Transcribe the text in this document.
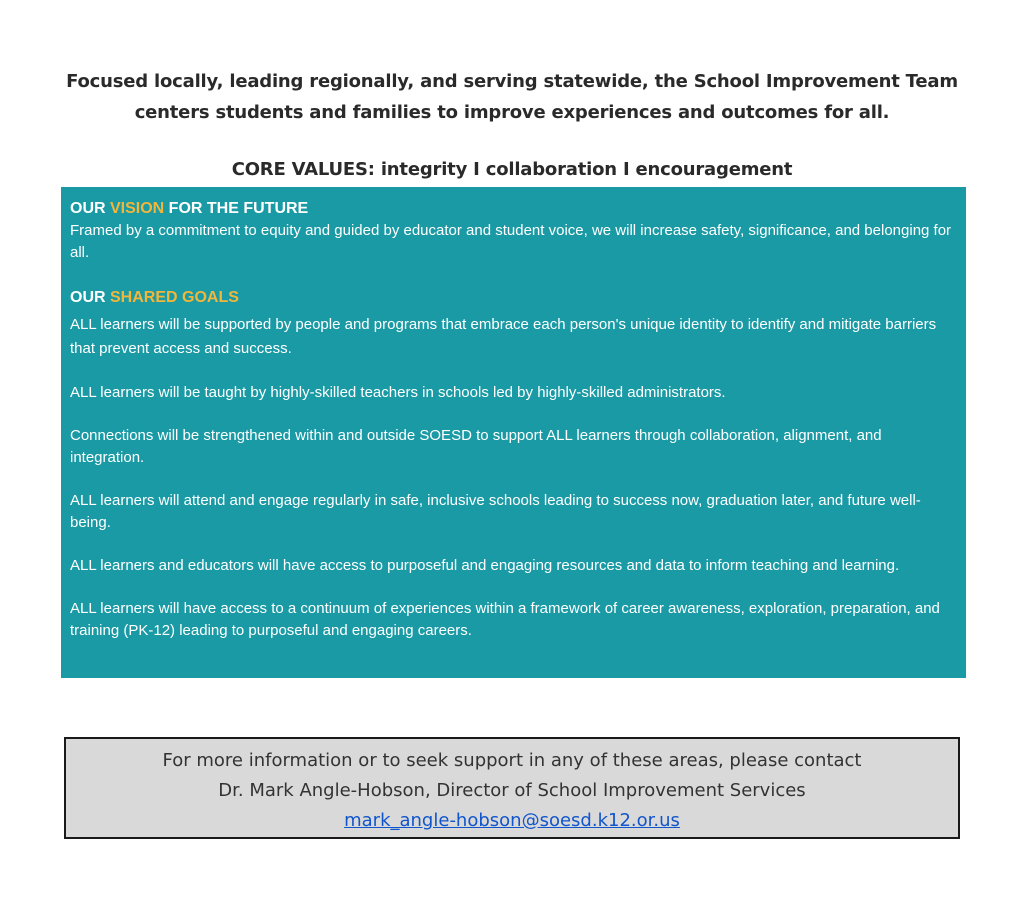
Focused locally, leading regionally, and serving statewide, the School Improvement Team
centers students and families to improve experiences and outcomes for all.
CORE VALUES: integrity I collaboration I encouragement

OUR VISION FOR THE FUTURE

Framed by a commitment to equity and guided by educator and student voice, we will increase safety, significance, and belonging for all.

OUR SHARED GOALS

ALL learners will be supported by people and programs that embrace each person's unique identity to identify and mitigate barriers that prevent access and success.

ALL learners will be taught by highly-skilled teachers in schools led by highly-skilled administrators.

Connections will be strengthened within and outside SOESD to support ALL learners through collaboration, alignment, and integration.

ALL learners will attend and engage regularly in safe, inclusive schools leading to success now, graduation later, and future well-being.

ALL learners and educators will have access to purposeful and engaging resources and data to inform teaching and learning.

ALL learners will have access to a continuum of experiences within a framework of career awareness, exploration, preparation, and training (PK-12) leading to purposeful and engaging careers.

For more information or to seek support in any of these areas, please contact
Dr. Mark Angle-Hobson, Director of School Improvement Services
mark_angle-hobson@soesd.k12.or.us
